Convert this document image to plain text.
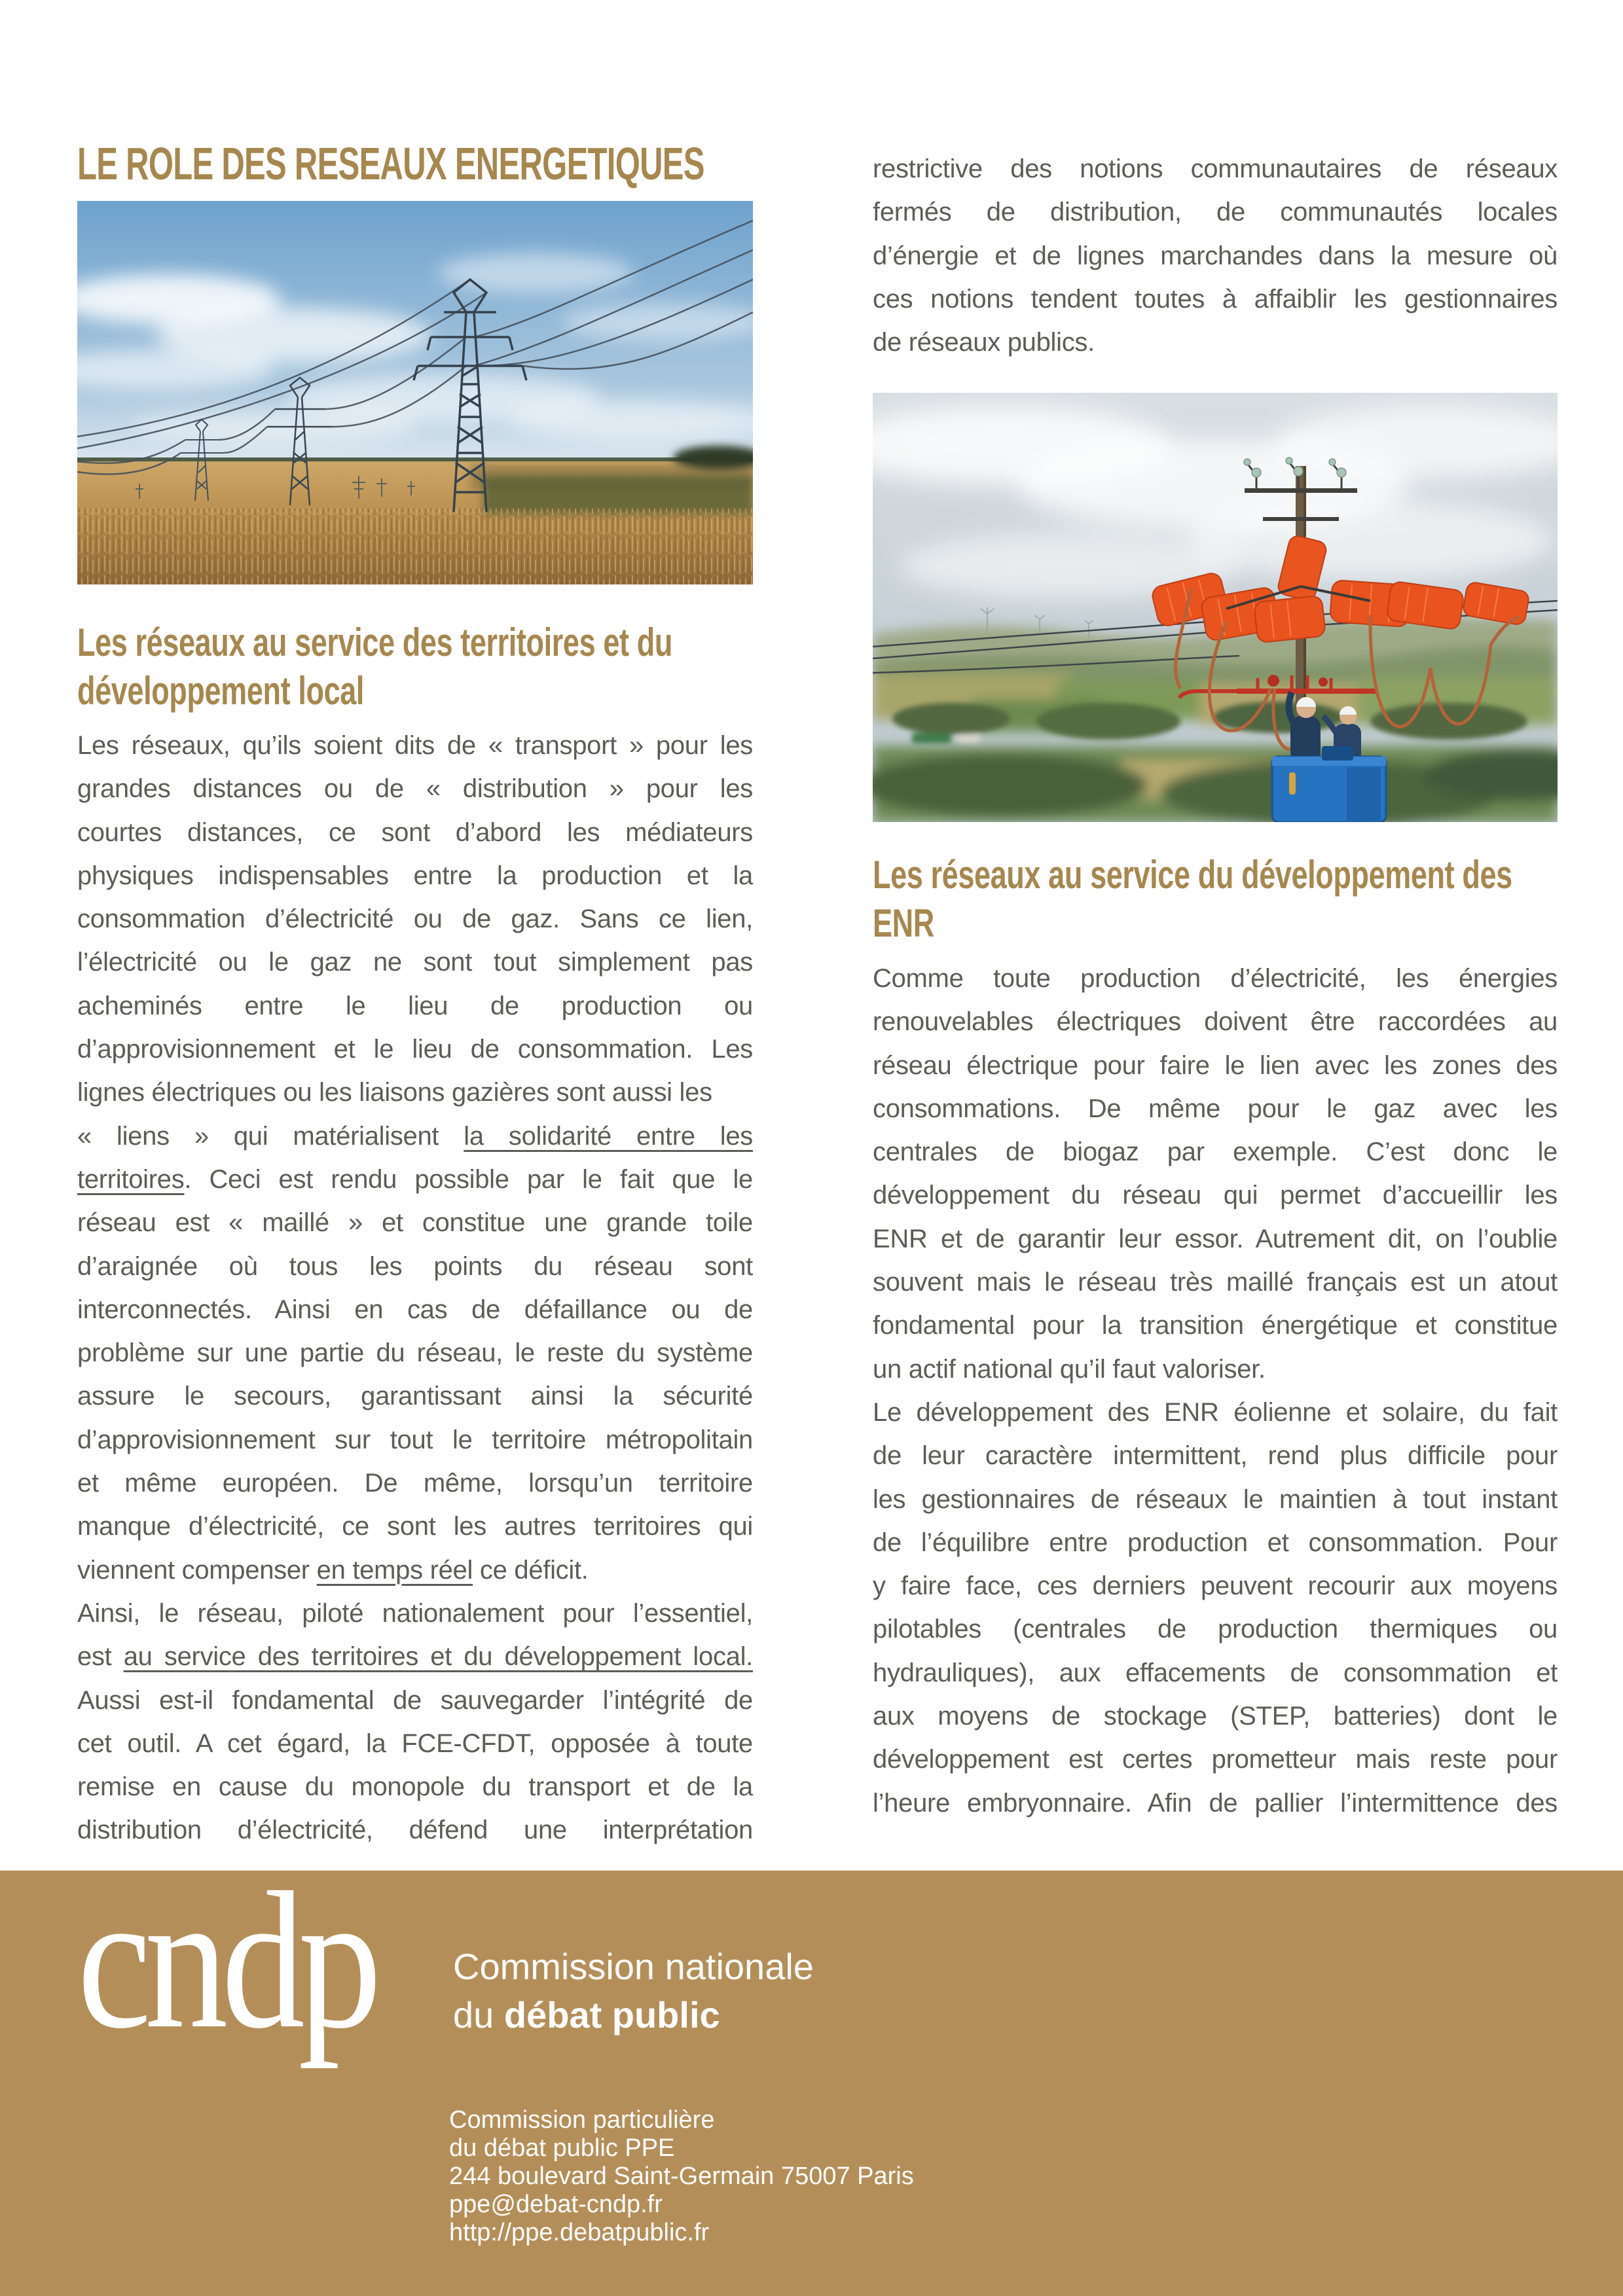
LE ROLE DES RESEAUX ENERGETIQUES
Les réseaux au service des territoires et du
développement local
Les réseaux, qu’ils soient dits de « transport » pour les
grandes distances ou de « distribution » pour les
courtes distances, ce sont d’abord les médiateurs
physiques indispensables entre la production et la
consommation d’électricité ou de gaz. Sans ce lien,
l’électricité ou le gaz ne sont tout simplement pas
acheminés entre le lieu de production ou
d’approvisionnement et le lieu de consommation. Les
lignes électriques ou les liaisons gazières sont aussi les
« liens » qui matérialisent la solidarité entre les
territoires. Ceci est rendu possible par le fait que le
réseau est « maillé » et constitue une grande toile
d’araignée où tous les points du réseau sont
interconnectés. Ainsi en cas de défaillance ou de
problème sur une partie du réseau, le reste du système
assure le secours, garantissant ainsi la sécurité
d’approvisionnement sur tout le territoire métropolitain
et même européen. De même, lorsqu’un territoire
manque d’électricité, ce sont les autres territoires qui
viennent compenser en temps réel ce déficit.
Ainsi, le réseau, piloté nationalement pour l’essentiel,
est au service des territoires et du développement local.
Aussi est-il fondamental de sauvegarder l’intégrité de
cet outil. A cet égard, la FCE-CFDT, opposée à toute
remise en cause du monopole du transport et de la
distribution d’électricité, défend une interprétation
restrictive des notions communautaires de réseaux
fermés de distribution, de communautés locales
d’énergie et de lignes marchandes dans la mesure où
ces notions tendent toutes à affaiblir les gestionnaires
de réseaux publics.
Les réseaux au service du développement des
ENR
Comme toute production d’électricité, les énergies
renouvelables électriques doivent être raccordées au
réseau électrique pour faire le lien avec les zones des
consommations. De même pour le gaz avec les
centrales de biogaz par exemple. C’est donc le
développement du réseau qui permet d’accueillir les
ENR et de garantir leur essor. Autrement dit, on l’oublie
souvent mais le réseau très maillé français est un atout
fondamental pour la transition énergétique et constitue
un actif national qu’il faut valoriser.
Le développement des ENR éolienne et solaire, du fait
de leur caractère intermittent, rend plus difficile pour
les gestionnaires de réseaux le maintien à tout instant
de l’équilibre entre production et consommation. Pour
y faire face, ces derniers peuvent recourir aux moyens
pilotables (centrales de production thermiques ou
hydrauliques), aux effacements de consommation et
aux moyens de stockage (STEP, batteries) dont le
développement est certes prometteur mais reste pour
l’heure embryonnaire. Afin de pallier l’intermittence des
cndp Commission nationale
du débat public
Commission particulière
du débat public PPE
244 boulevard Saint-Germain 75007 Paris
ppe@debat-cndp.fr
http://ppe.debatpublic.fr
